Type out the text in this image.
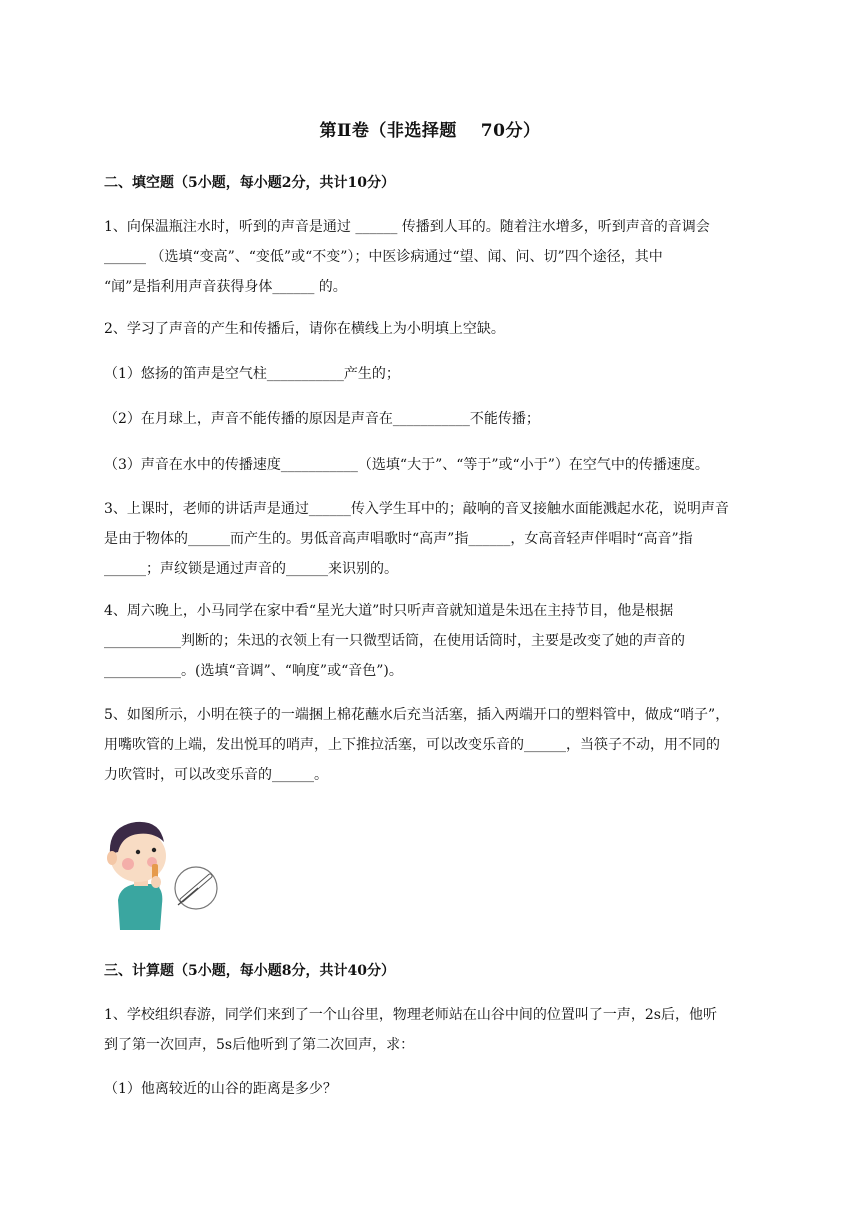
第Ⅱ卷（非选择题　 70分）
二、填空题（5小题，每小题2分，共计10分）
1、向保温瓶注水时，听到的声音是通过 ______ 传播到人耳的。随着注水增多，听到声音的音调会
______ （选填“变高”、“变低”或“不变”）；中医诊病通过“望、闻、问、切”四个途径，其中
“闻”是指利用声音获得身体______ 的。
2、学习了声音的产生和传播后，请你在横线上为小明填上空缺。
（1）悠扬的笛声是空气柱___________产生的；
（2）在月球上，声音不能传播的原因是声音在___________不能传播；
（3）声音在水中的传播速度___________（选填“大于”、“等于”或“小于”）在空气中的传播速度。
3、上课时，老师的讲话声是通过______传入学生耳中的；敲响的音叉接触水面能溅起水花，说明声音
是由于物体的______而产生的。男低音高声唱歌时“高声”指______，女高音轻声伴唱时“高音”指
______；声纹锁是通过声音的______来识别的。
4、周六晚上，小马同学在家中看“星光大道”时只听声音就知道是朱迅在主持节目，他是根据
___________判断的；朱迅的衣领上有一只微型话筒，在使用话筒时，主要是改变了她的声音的
___________。(选填“音调”、“响度”或“音色”)。
5、如图所示，小明在筷子的一端捆上棉花蘸水后充当活塞，插入两端开口的塑料管中，做成“哨子”，
用嘴吹管的上端，发出悦耳的哨声，上下推拉活塞，可以改变乐音的______，当筷子不动，用不同的
力吹管时，可以改变乐音的______。
三、计算题（5小题，每小题8分，共计40分）
1、学校组织春游，同学们来到了一个山谷里，物理老师站在山谷中间的位置叫了一声，2s后，他听
到了第一次回声，5s后他听到了第二次回声，求：
（1）他离较近的山谷的距离是多少？
